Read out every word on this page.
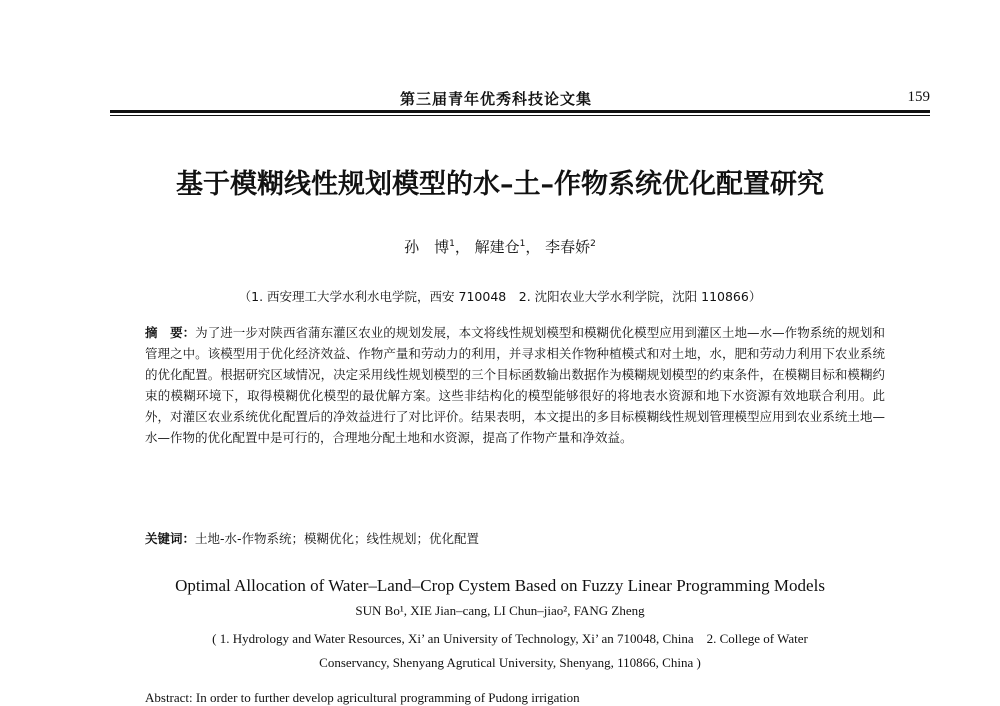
第三届青年优秀科技论文集	159
基于模糊线性规划模型的水–土–作物系统优化配置研究
孙　博$^1$， 解建仓$^1$， 李春娇$^2$
（1. 西安理工大学水利水电学院，西安 710048　2. 沈阳农业大学水利学院，沈阳 110866）
摘　要：为了进一步对陕西省蒲东灌区农业的规划发展，本文将线性规划模型和模糊优化模型应用到灌区土地—水—作物系统的规划和管理之中。该模型用于优化经济效益、作物产量和劳动力的利用，并寻求相关作物种植模式和对土地，水，肥和劳动力利用下农业系统的优化配置。根据研究区域情况，决定采用线性规划模型的三个目标函数输出数据作为模糊规划模型的约束条件，在模糊目标和模糊约束的模糊环境下，取得模糊优化模型的最优解方案。这些非结构化的模型能够很好的将地表水资源和地下水资源有效地联合利用。此外，对灌区农业系统优化配置后的净效益进行了对比评价。结果表明，本文提出的多目标模糊线性规划管理模型应用到农业系统土地—水—作物的优化配置中是可行的，合理地分配土地和水资源，提高了作物产量和净效益。
关键词：土地-水-作物系统；模糊优化；线性规划；优化配置
Optimal Allocation of Water–Land–Crop Cystem Based on Fuzzy Linear Programming Models
SUN Bo¹, XIE Jian–cang, LI Chun–jiao², FANG Zheng
( 1. Hydrology and Water Resources, Xi’ an University of Technology, Xi’ an 710048, China　2. College of Water
Conservancy, Shenyang Agrutical University, Shenyang, 110866, China )
Abstract: In order to further develop agricultural programming of Pudong irrigation
